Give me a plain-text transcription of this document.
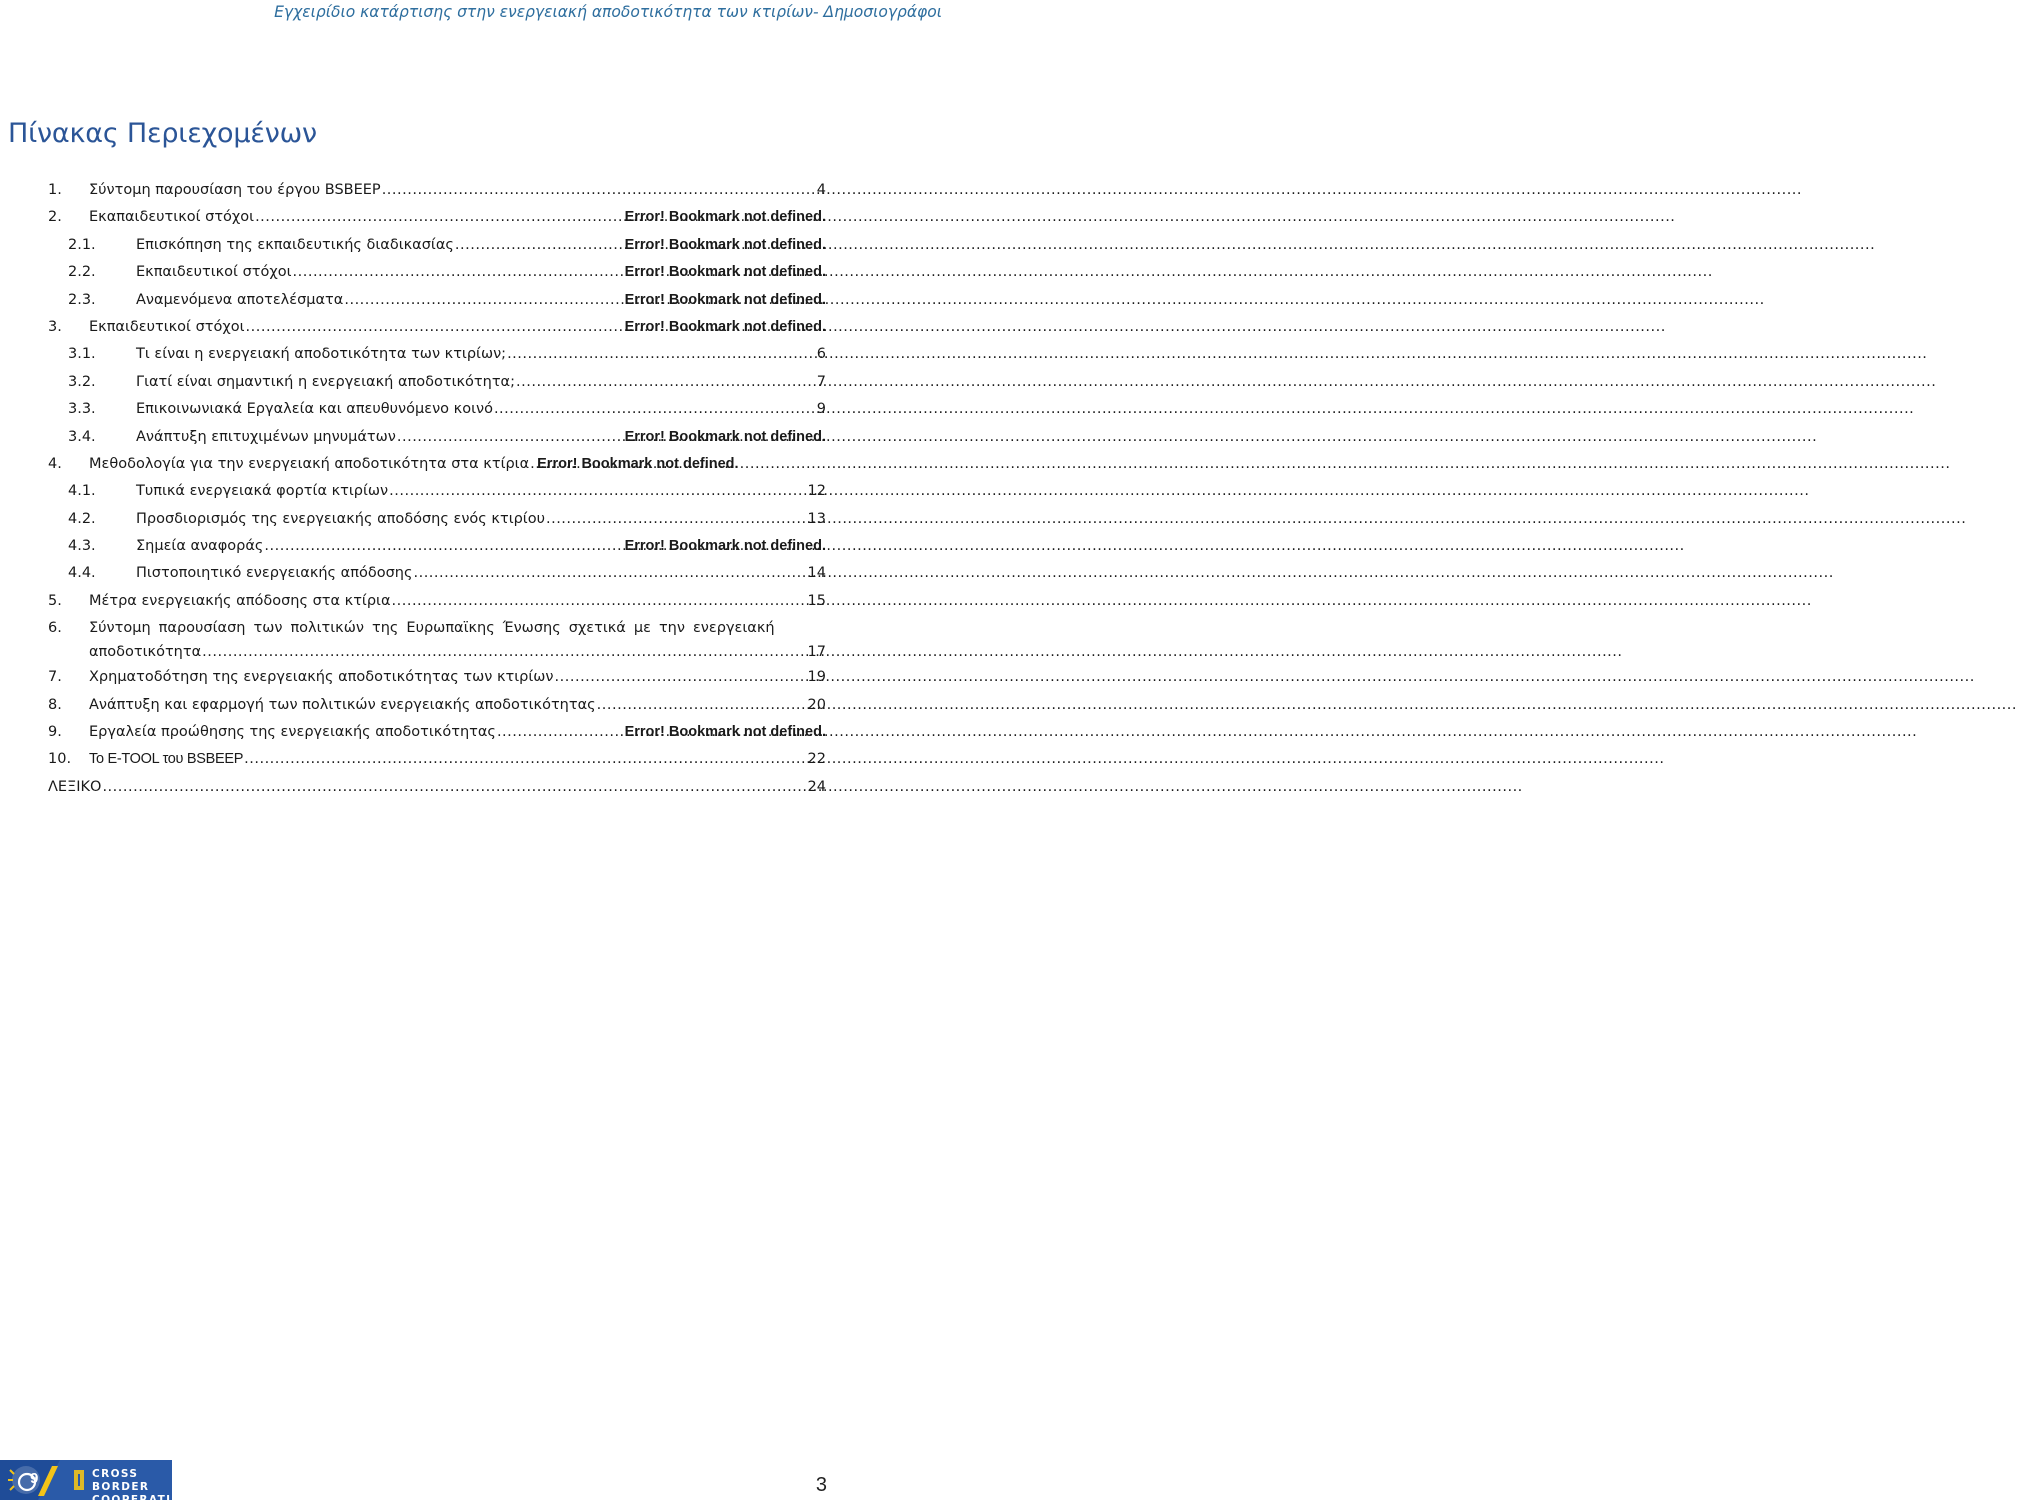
Εγχειρίδιο κατάρτισης στην ενεργειακή αποδοτικότητα των κτιρίων- Δημοσιογράφοι
Πίνακας Περιεχομένων
1.	Σύντομη παρουσίαση του έργου BSBEEP .....	4
2.	Εκαπαιδευτικοί στόχοι .....	Error! Bookmark not defined.
2.1.	Επισκόπηση της εκπαιδευτικής διαδικασίας .....	Error! Bookmark not defined.
2.2.	Εκπαιδευτικοί στόχοι .....	Error! Bookmark not defined.
2.3.	Αναμενόμενα αποτελέσματα .....	Error! Bookmark not defined.
3.	Εκπαιδευτικοί στόχοι .....	Error! Bookmark not defined.
3.1.	Τι είναι η ενεργειακή αποδοτικότητα των κτιρίων; .....	6
3.2.	Γιατί είναι σημαντική η ενεργειακή αποδοτικότητα; .....	7
3.3.	Επικοινωνιακά Εργαλεία και απευθυνόμενο κοινό .....	9
3.4.	Ανάπτυξη επιτυχιμένων μηνυμάτων .....	Error! Bookmark not defined.
4.	Μεθοδολογία για την ενεργειακή αποδοτικότητα στα κτίρια ..... Error! Bookmark not defined.
4.1.	Τυπικά ενεργειακά φορτία κτιρίων .....	12
4.2.	Προσδιορισμός της ενεργειακής αποδόσης ενός κτιρίου .....	13
4.3.	Σημεία αναφοράς .....	Error! Bookmark not defined.
4.4.	Πιστοποιητικό ενεργειακής απόδοσης .....	14
5.	Μέτρα ενεργειακής απόδοσης στα κτίρια .....	15
6.	Σύντομη παρουσίαση των πολιτικών της Ευρωπαϊκης Ένωσης σχετικά με την ενεργειακή
αποδοτικότητα .....	17
7.	Χρηματοδότηση της ενεργειακής αποδοτικότητας των κτιρίων .....	19
8.	Ανάπτυξη και εφαρμογή των πολιτικών ενεργειακής αποδοτικότητας .....	20
9.	Εργαλεία προώθησης της ενεργειακής αποδοτικότητας .....	Error! Bookmark not defined.
10.	Το E-TOOL του BSBEEP .....	22
ΛΕΞΙΚΟ .....	24
CROSS BORDER
COOPERATION
9	3
